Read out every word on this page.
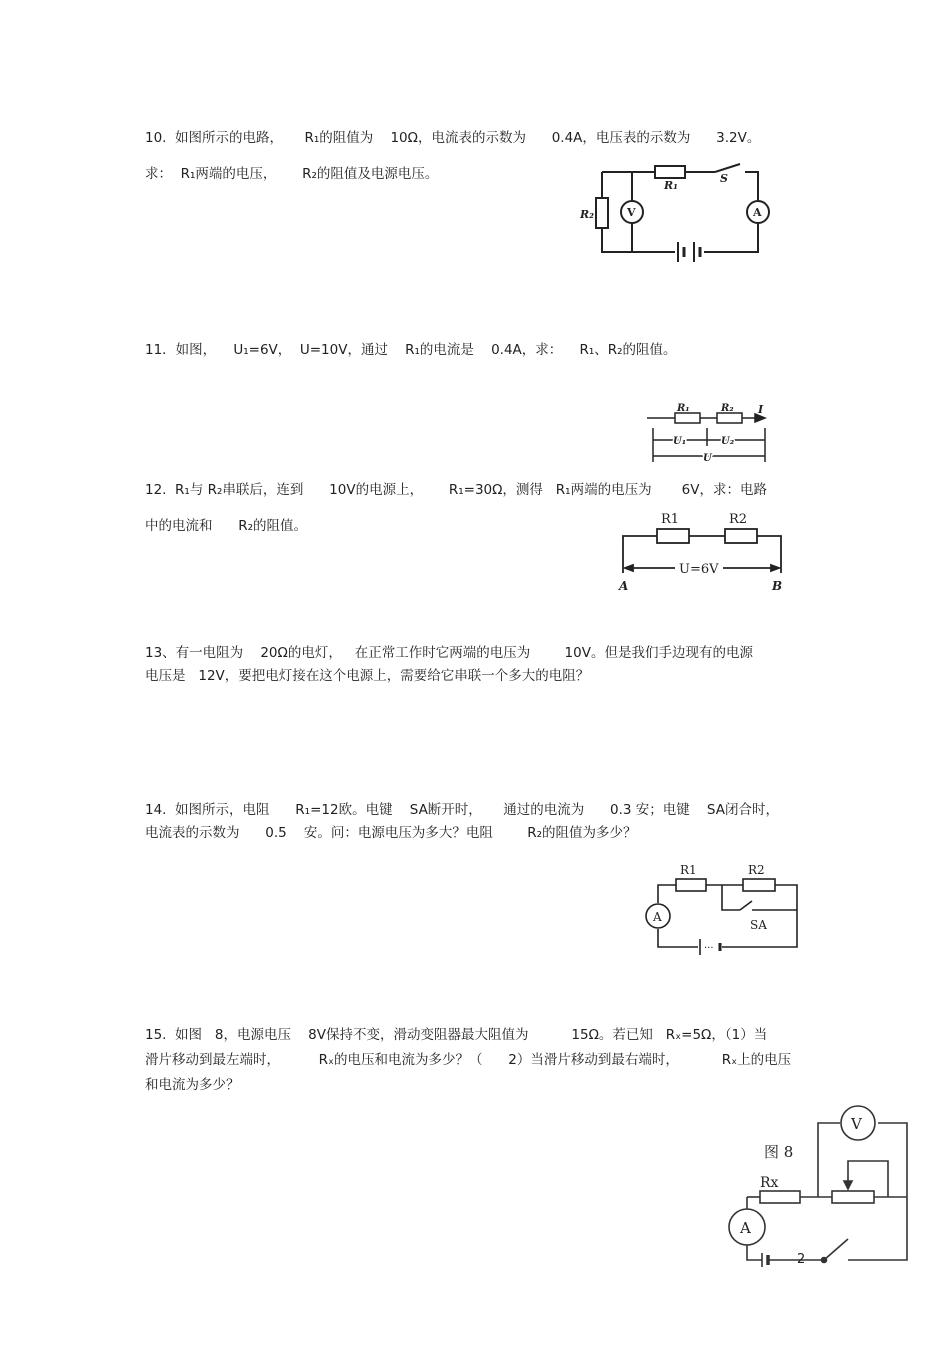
10.  如图所示的电路，     R₁的阻值为    10Ω，电流表的示数为      0.4A，电压表的示数为      3.2V。
求：  R₁两端的电压，      R₂的阻值及电源电压。
R₁
S
R₂	V	A
11．如图，    U₁=6V，  U=10V，通过    R₁的电流是    0.4A，求：    R₁、R₂的阻值。
R₁	R₂ I
U₁	U₂
U
12.  R₁与 R₂串联后，连到      10V的电源上，      R₁=30Ω，测得   R₁两端的电压为       6V，求：电路
中的电流和      R₂的阻值。	R1	R2
U=6V
A	B
13、有一电阻为    20Ω的电灯，   在正常工作时它两端的电压为        10V。但是我们手边现有的电源
电压是   12V，要把电灯接在这个电源上，需要给它串联一个多大的电阻？
14.  如图所示，电阻      R₁=12欧。电键    SA断开时，     通过的电流为      0.3 安；电键    SA闭合时，
电流表的示数为      0.5    安。问：电源电压为多大？电阻        R₂的阻值为多少？
R1	R2
SA
A
···
15.  如图   8，电源电压    8V保持不变，滑动变阻器最大阻值为          15Ω。若已知   Rₓ=5Ω，（1）当
滑片移动到最左端时，         Rₓ的电压和电流为多少？（      2）当滑片移动到最右端时，          Rₓ上的电压
和电流为多少？
图 8
Rx
V
A
2
